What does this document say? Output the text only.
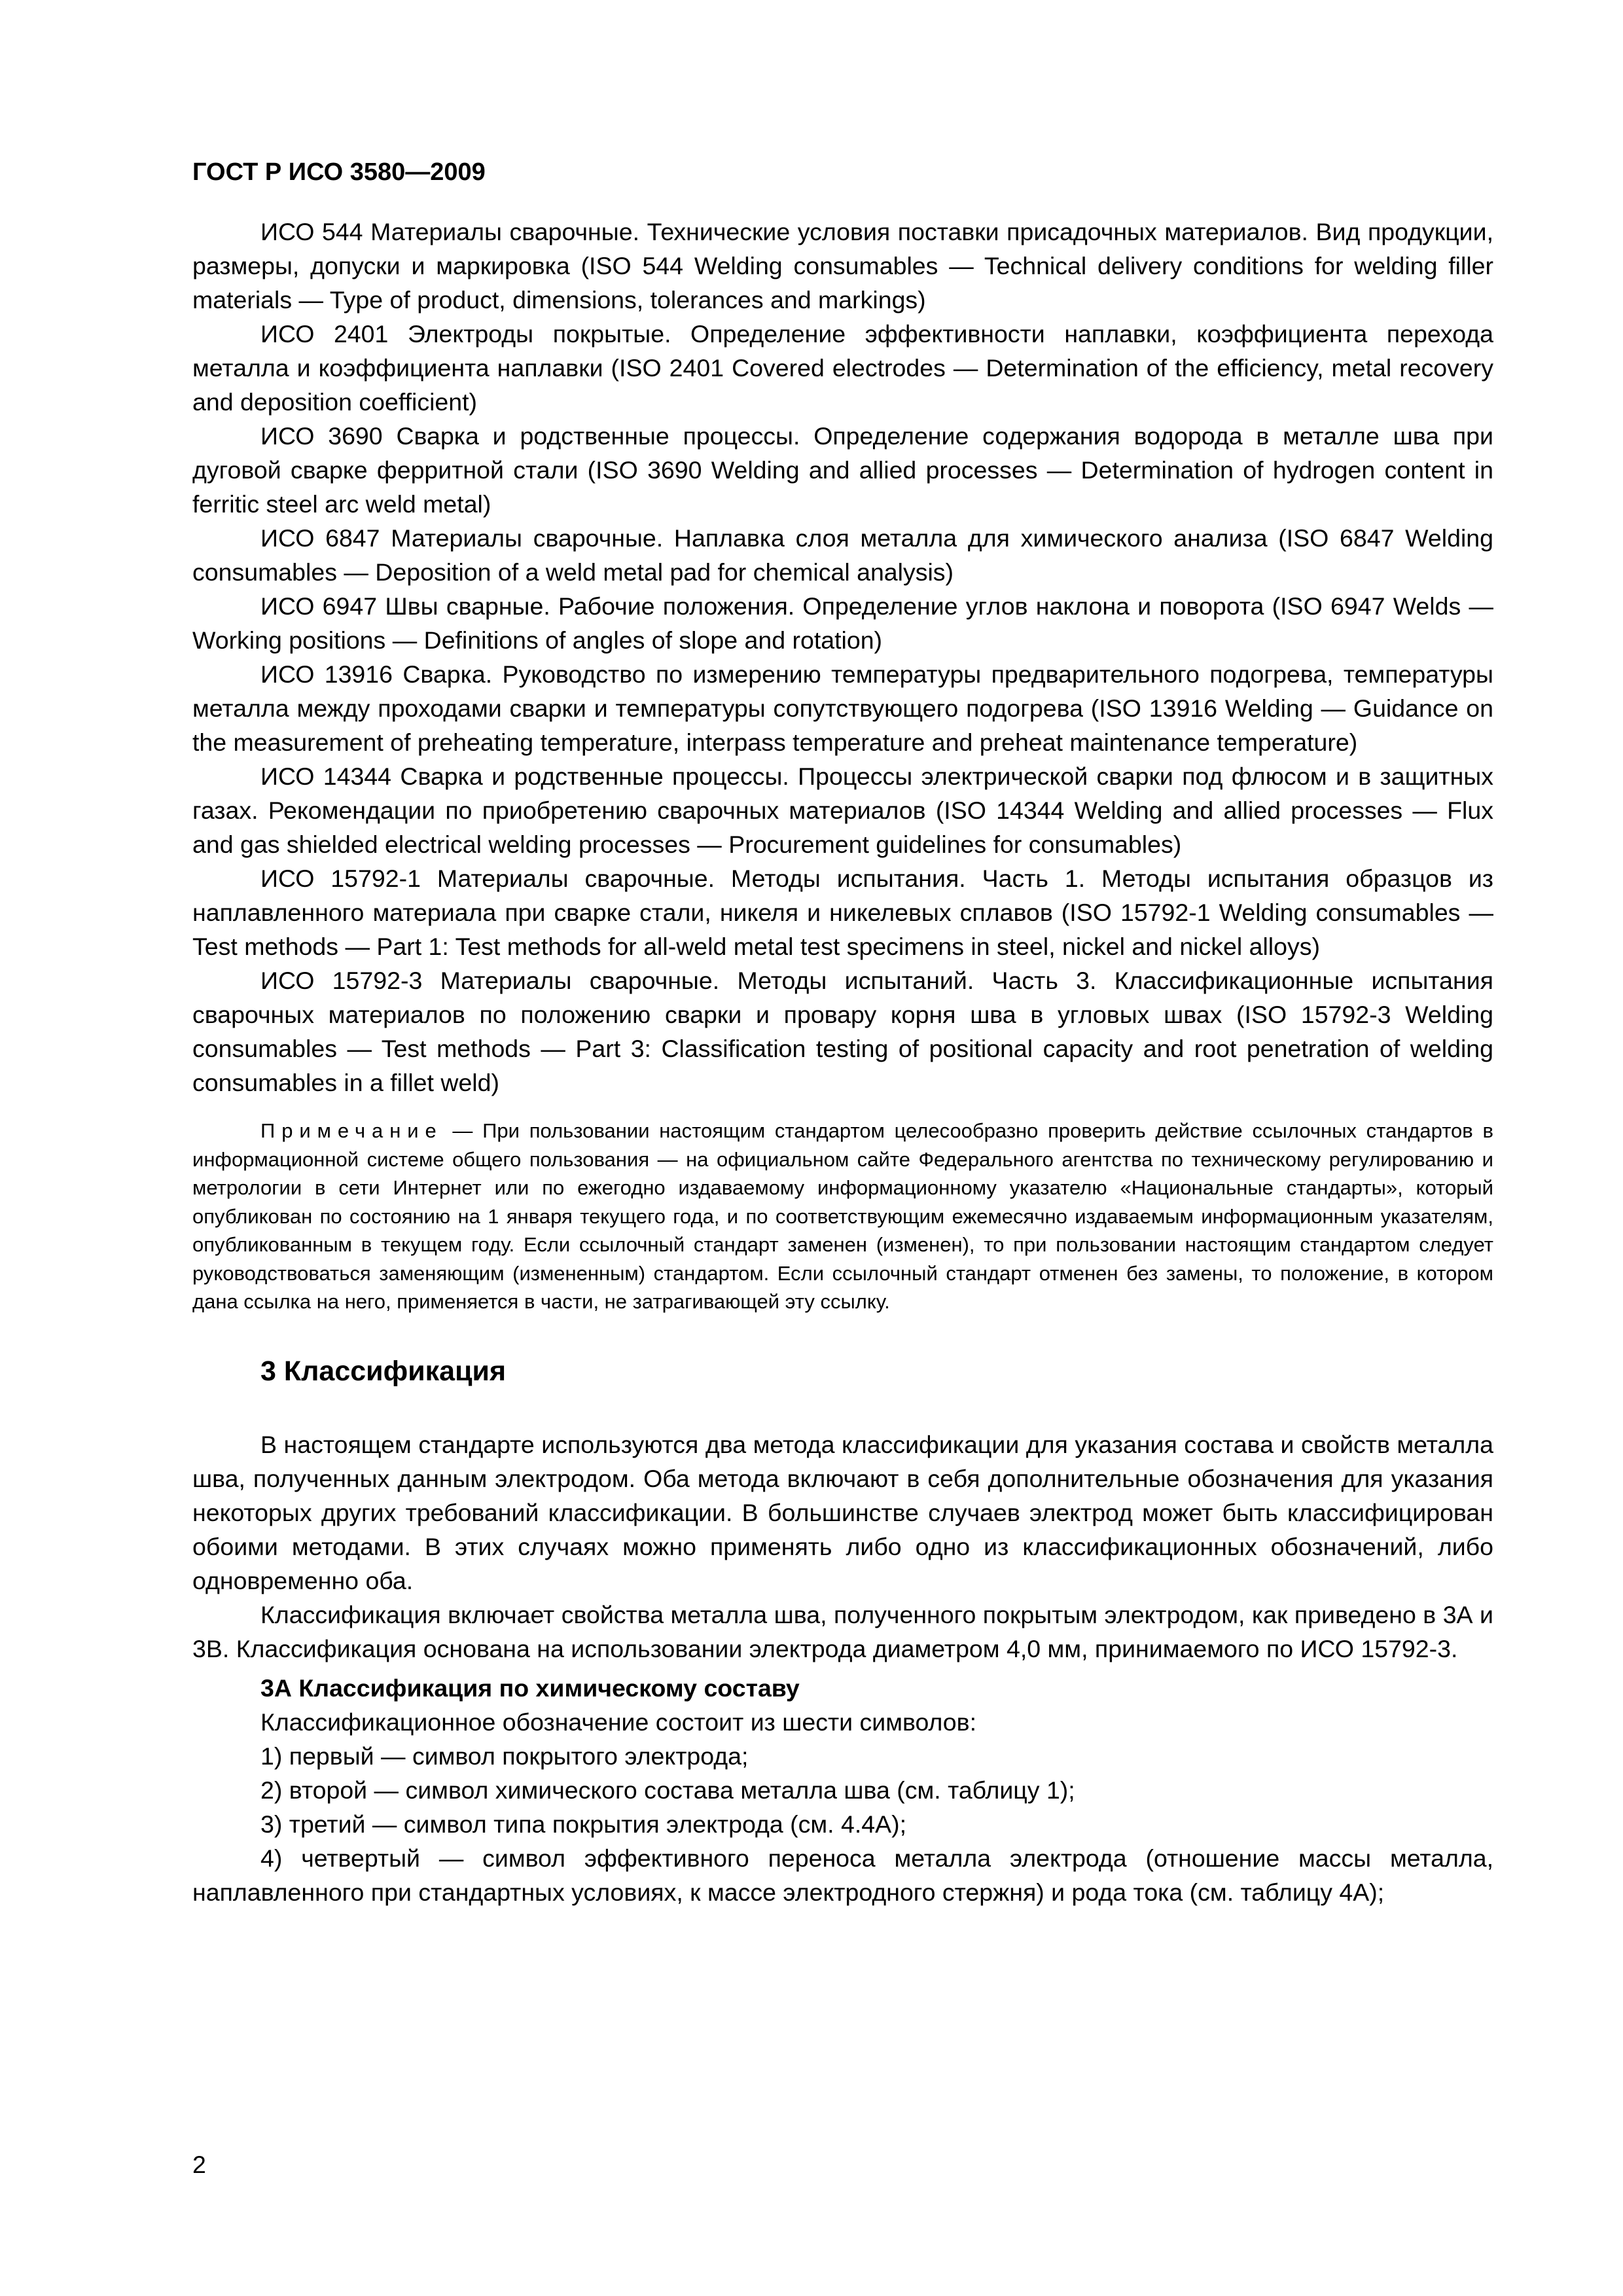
ГОСТ Р ИСО 3580—2009

ИСО 544 Материалы сварочные. Технические условия поставки присадочных материалов. Вид продукции, размеры, допуски и маркировка (ISO 544 Welding consumables — Technical delivery conditions for welding filler materials — Type of product, dimensions, tolerances and markings)

ИСО 2401 Электроды покрытые. Определение эффективности наплавки, коэффициента перехода металла и коэффициента наплавки (ISO 2401 Covered electrodes — Determination of the efficiency, metal recovery and deposition coefficient)

ИСО 3690 Сварка и родственные процессы. Определение содержания водорода в металле шва при дуговой сварке ферритной стали (ISO 3690 Welding and allied processes — Determination of hydrogen content in ferritic steel arc weld metal)

ИСО 6847 Материалы сварочные. Наплавка слоя металла для химического анализа (ISO 6847 Welding consumables — Deposition of a weld metal pad for chemical analysis)

ИСО 6947 Швы сварные. Рабочие положения. Определение углов наклона и поворота (ISO 6947 Welds — Working positions — Definitions of angles of slope and rotation)

ИСО 13916 Сварка. Руководство по измерению температуры предварительного подогрева, температуры металла между проходами сварки и температуры сопутствующего подогрева (ISO 13916 Welding — Guidance on the measurement of preheating temperature, interpass temperature and preheat maintenance temperature)

ИСО 14344 Сварка и родственные процессы. Процессы электрической сварки под флюсом и в защитных газах. Рекомендации по приобретению сварочных материалов (ISO 14344 Welding and allied processes — Flux and gas shielded electrical welding processes — Procurement guidelines for consumables)

ИСО 15792-1 Материалы сварочные. Методы испытания. Часть 1. Методы испытания образцов из наплавленного материала при сварке стали, никеля и никелевых сплавов (ISO 15792-1 Welding consumables — Test methods — Part 1: Test methods for all-weld metal test specimens in steel, nickel and nickel alloys)

ИСО 15792-3 Материалы сварочные. Методы испытаний. Часть 3. Классификационные испытания сварочных материалов по положению сварки и провару корня шва в угловых швах (ISO 15792-3 Welding consumables — Test methods — Part 3: Classification testing of positional capacity and root penetration of welding consumables in a fillet weld)

Примечание — При пользовании настоящим стандартом целесообразно проверить действие ссылочных стандартов в информационной системе общего пользования — на официальном сайте Федерального агентства по техническому регулированию и метрологии в сети Интернет или по ежегодно издаваемому информационному указателю «Национальные стандарты», который опубликован по состоянию на 1 января текущего года, и по соответствующим ежемесячно издаваемым информационным указателям, опубликованным в текущем году. Если ссылочный стандарт заменен (изменен), то при пользовании настоящим стандартом следует руководствоваться заменяющим (измененным) стандартом. Если ссылочный стандарт отменен без замены, то положение, в котором дана ссылка на него, применяется в части, не затрагивающей эту ссылку.

3 Классификация

В настоящем стандарте используются два метода классификации для указания состава и свойств металла шва, полученных данным электродом. Оба метода включают в себя дополнительные обозначения для указания некоторых других требований классификации. В большинстве случаев электрод может быть классифицирован обоими методами. В этих случаях можно применять либо одно из классификационных обозначений, либо одновременно оба.

Классификация включает свойства металла шва, полученного покрытым электродом, как приведено в 3А и 3В. Классификация основана на использовании электрода диаметром 4,0 мм, принимаемого по ИСО 15792-3.

3А Классификация по химическому составу

Классификационное обозначение состоит из шести символов:

1) первый — символ покрытого электрода;

2) второй — символ химического состава металла шва (см. таблицу 1);

3) третий — символ типа покрытия электрода (см. 4.4А);

4) четвертый — символ эффективного переноса металла электрода (отношение массы металла, наплавленного при стандартных условиях, к массе электродного стержня) и рода тока (см. таблицу 4А);

2
